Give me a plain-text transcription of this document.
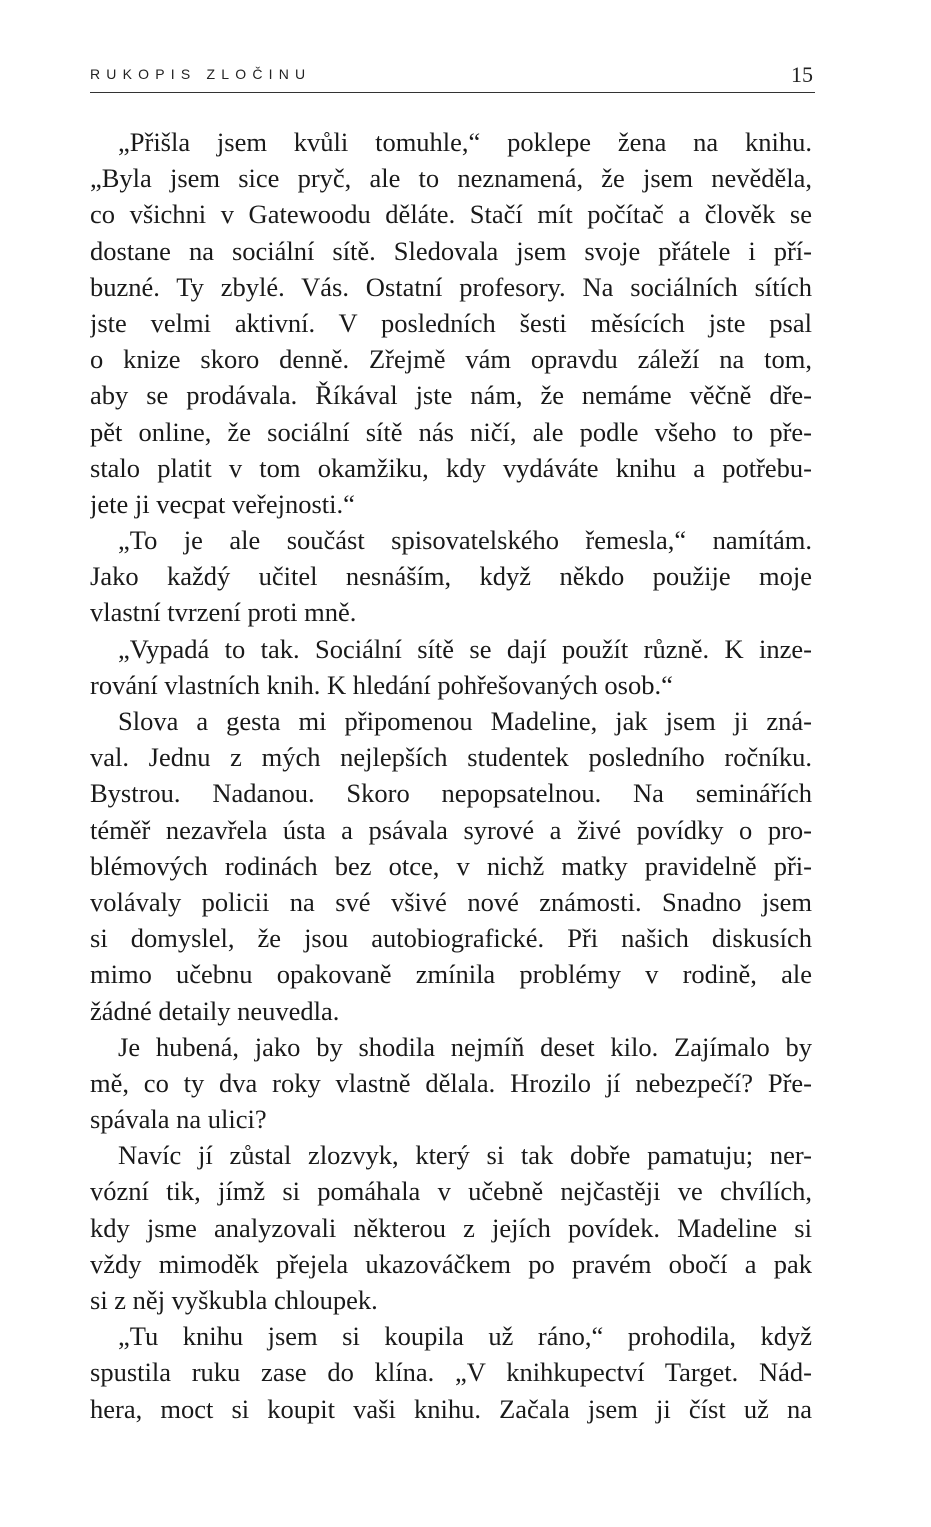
RUKOPIS ZLOČINU	15
„Přišla jsem kvůli tomuhle,“ poklepe žena na knihu.
„Byla jsem sice pryč, ale to neznamená, že jsem nevěděla,
co všichni v Gatewoodu děláte. Stačí mít počítač a člověk se
dostane na sociální sítě. Sledovala jsem svoje přátele i pří-
buzné. Ty zbylé. Vás. Ostatní profesory. Na sociálních sítích
jste velmi aktivní. V posledních šesti měsících jste psal
o knize skoro denně. Zřejmě vám opravdu záleží na tom,
aby se prodávala. Říkával jste nám, že nemáme věčně dře-
pět online, že sociální sítě nás ničí, ale podle všeho to pře-
stalo platit v tom okamžiku, kdy vydáváte knihu a potřebu-
jete ji vecpat veřejnosti.“
„To je ale součást spisovatelského řemesla,“ namítám.
Jako každý učitel nesnáším, když někdo použije moje
vlastní tvrzení proti mně.
„Vypadá to tak. Sociální sítě se dají použít různě. K inze-
rování vlastních knih. K hledání pohřešovaných osob.“
Slova a gesta mi připomenou Madeline, jak jsem ji zná-
val. Jednu z mých nejlepších studentek posledního ročníku.
Bystrou. Nadanou. Skoro nepopsatelnou. Na seminářích
téměř nezavřela ústa a psávala syrové a živé povídky o pro-
blémových rodinách bez otce, v nichž matky pravidelně při-
volávaly policii na své všivé nové známosti. Snadno jsem
si domyslel, že jsou autobiografické. Při našich diskusích
mimo učebnu opakovaně zmínila problémy v rodině, ale
žádné detaily neuvedla.
Je hubená, jako by shodila nejmíň deset kilo. Zajímalo by
mě, co ty dva roky vlastně dělala. Hrozilo jí nebezpečí? Pře-
spávala na ulici?
Navíc jí zůstal zlozvyk, který si tak dobře pamatuju; ner-
vózní tik, jímž si pomáhala v učebně nejčastěji ve chvílích,
kdy jsme analyzovali některou z jejích povídek. Madeline si
vždy mimoděk přejela ukazováčkem po pravém obočí a pak
si z něj vyškubla chloupek.
„Tu knihu jsem si koupila už ráno,“ prohodila, když
spustila ruku zase do klína. „V knihkupectví Target. Nád-
hera, moct si koupit vaši knihu. Začala jsem ji číst už na
